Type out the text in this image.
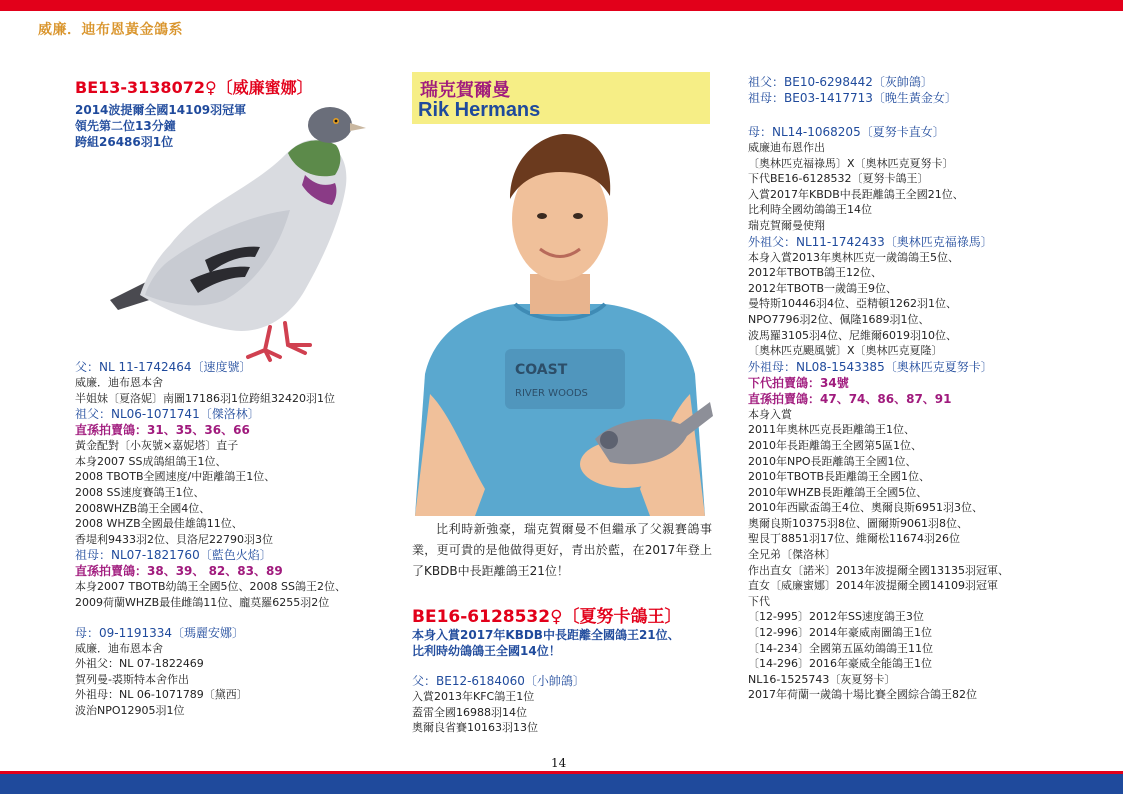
威廉．迪布恩黃金鴿系
BE13-3138072♀〔威廉蜜娜〕
2014波提爾全國14109羽冠軍
領先第二位13分鐘
跨組26486羽1位
父：NL 11-1742464〔速度號〕
威廉．迪布恩本舍
半姐妹〔夏洛妮〕南圖17186羽1位跨組32420羽1位
祖父：NL06-1071741〔傑洛林〕
直孫拍賣鴿：31、35、36、66
黃金配對〔小灰號×嘉妮塔〕直子
本身2007 SS成鴿組鴿王1位、
2008 TBOTB全國速度/中距離鴿王1位、
2008 SS速度賽鴿王1位、
2008WHZB鴿王全國4位、
2008 WHZB全國最佳雄鴿11位、
香堤利9433羽2位、貝洛尼22790羽3位
祖母：NL07-1821760〔藍色火焰〕
直孫拍賣鴿：38、39、 82、83、89
本身2007 TBOTB幼鴿王全國5位、2008 SS鴿王2位、
2009荷蘭WHZB最佳雌鴿11位、龐莫羅6255羽2位
母：09-1191334〔瑪麗安娜〕
威廉．迪布恩本舍
外祖父：NL 07-1822469
賀列曼-裘斯特本舍作出
外祖母：NL 06-1071789〔黛西〕
波治NPO12905羽1位
瑞克賀爾曼
Rik Hermans
COAST
RIVER WOODS
比利時新強豪，瑞克賀爾曼不但繼承了父親賽鴿事業，更可貴的是他做得更好，青出於藍，在2017年登上了KBDB中長距離鴿王21位！
BE16-6128532♀〔夏努卡鴿王〕
本身入賞2017年KBDB中長距離全國鴿王21位、
比利時幼鴿鴿王全國14位！
父：BE12-6184060〔小帥鴿〕
入賞2013年KFC鴿王1位
蓋雷全國16988羽14位
奧爾良省賽10163羽13位
祖父：BE10-6298442〔灰帥鴿〕
祖母：BE03-1417713〔晚生黃金女〕
母：NL14-1068205〔夏努卡直女〕
威廉迪布恩作出
〔奧林匹克福祿馬〕X〔奧林匹克夏努卡〕
下代BE16-6128532〔夏努卡鴿王〕
入賞2017年KBDB中長距離鴿王全國21位、
比利時全國幼鴿鴿王14位
瑞克賀爾曼使翔
外祖父：NL11-1742433〔奧林匹克福祿馬〕
本身入賞2013年奧林匹克一歲鴿鴿王5位、
2012年TBOTB鴿王12位、
2012年TBOTB一歲鴿王9位、
曼特斯10446羽4位、亞精頓1262羽1位、
NPO7796羽2位、佩隆1689羽1位、
波馬羅3105羽4位、尼維爾6019羽10位、
〔奧林匹克颶風號〕X〔奧林匹克夏隆〕
外祖母：NL08-1543385〔奧林匹克夏努卡〕
下代拍賣鴿：34號
直孫拍賣鴿：47、74、86、87、91
本身入賞
2011年奧林匹克長距離鴿王1位、
2010年長距離鴿王全國第5區1位、
2010年NPO長距離鴿王全國1位、
2010年TBOTB長距離鴿王全國1位、
2010年WHZB長距離鴿王全國5位、
2010年西歐盃鴿王4位、奧爾良斯6951羽3位、
奧爾良斯10375羽8位、圖爾斯9061羽8位、
聖艮丁8851羽17位、維爾松11674羽26位
全兄弟〔傑洛林〕
作出直女〔諾米〕2013年波提爾全國13135羽冠軍、
直女〔威廉蜜娜〕2014年波提爾全國14109羽冠軍
下代
〔12-995〕2012年SS速度鴿王3位
〔12-996〕2014年豪威南圖鴿王1位
〔14-234〕全國第五區幼鴿鴿王11位
〔14-296〕2016年豪威全能鴿王1位
NL16-1525743〔灰夏努卡〕
2017年荷蘭一歲鴿十場比賽全國綜合鴿王82位
14
